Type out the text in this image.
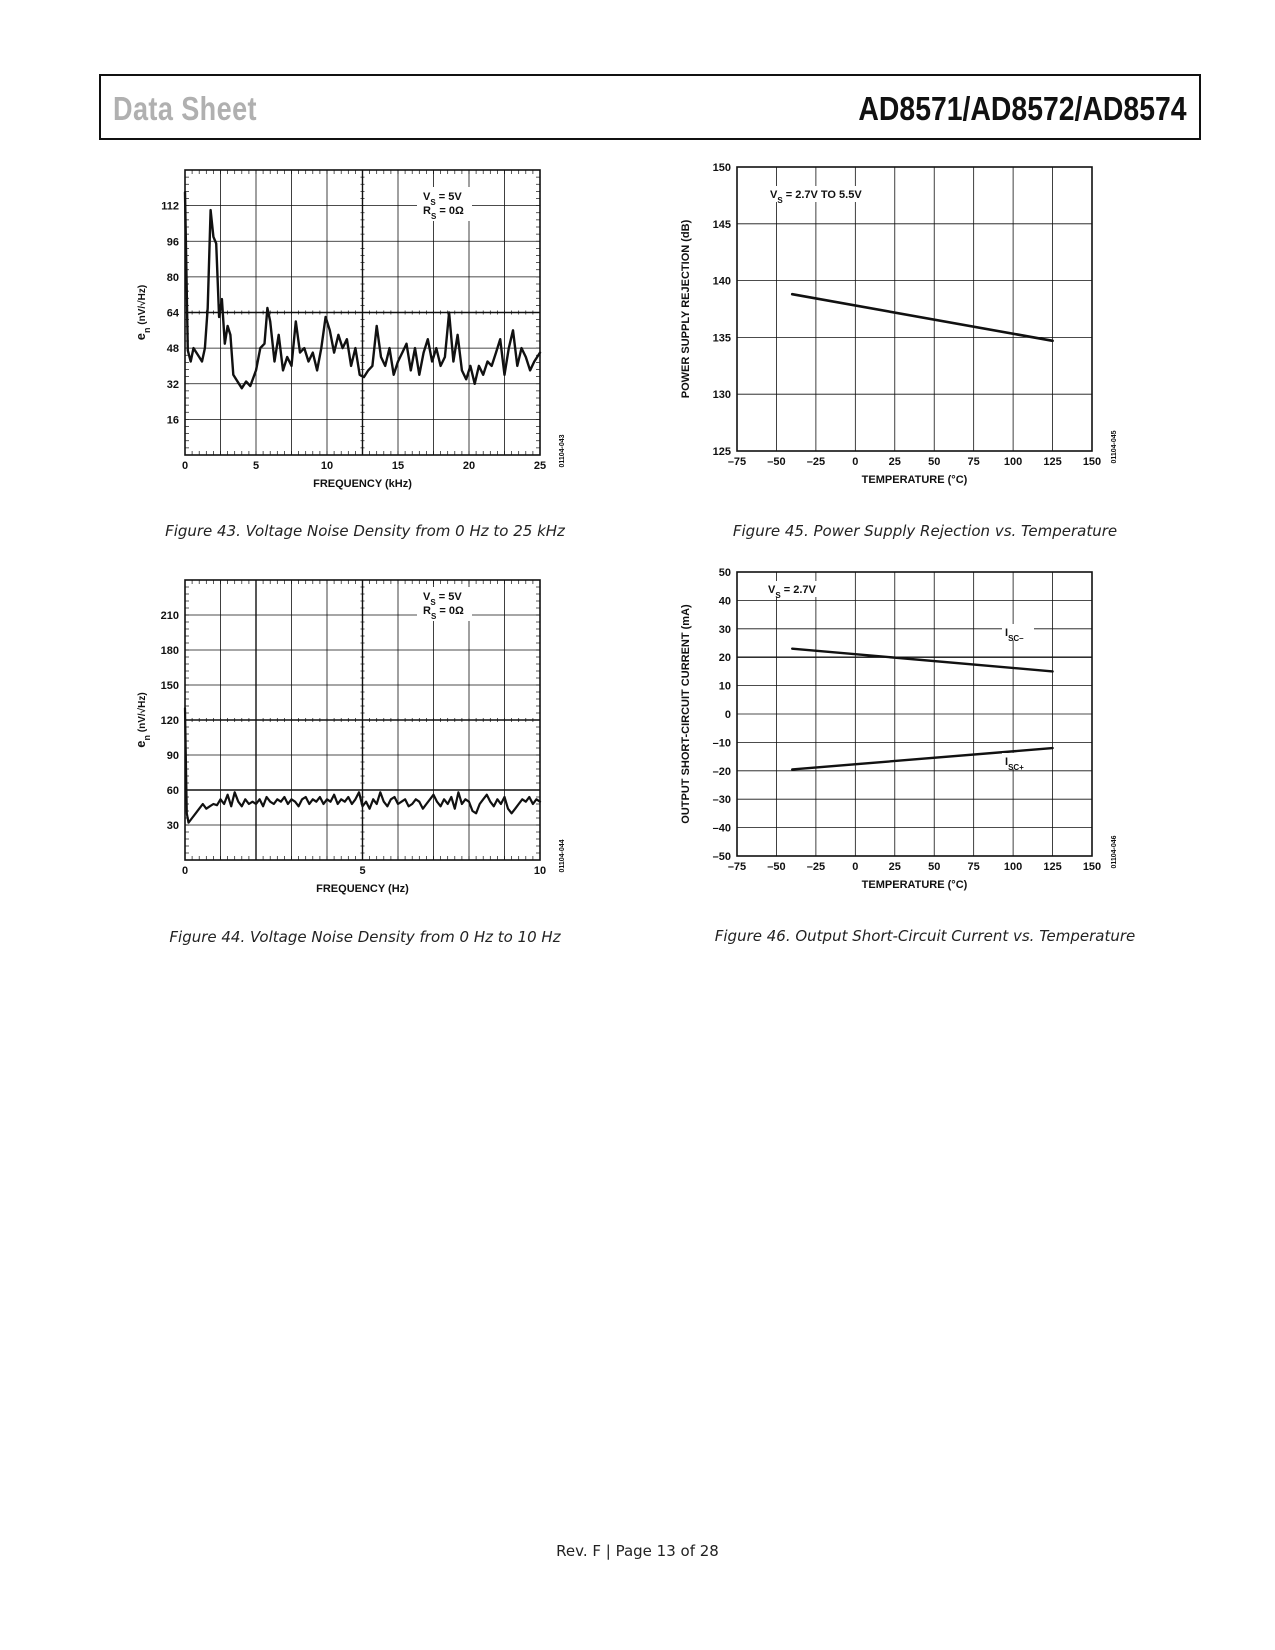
Data Sheet	AD8571/AD8572/AD8574
0	5	10	15	20	25
16
32
48
64
80
96
112
FREQUENCY (kHz)
$e_n$ (nV/√Hz)
01104-043
$V_S = 5V$
$R_S = 0\Omega$
Figure 43. Voltage Noise Density from 0 Hz to 25 kHz
0	5	10
30
60
90
120
150
180
210
FREQUENCY (Hz)
$e_n$ (nV/√Hz)
01104-044
$V_S = 5V$
$R_S = 0\Omega$
Figure 44. Voltage Noise Density from 0 Hz to 10 Hz
–75 –50 –25 0	25 50 75 100 125 150
125
130
135
140
145
150
TEMPERATURE (°C)
POWER SUPPLY REJECTION (dB)
01104-045
$V_S = 2.7V$ TO 5.5V
Figure 45. Power Supply Rejection vs. Temperature
–75 –50 –25 0	25 50 75 100 125 150
–50
–40
–30
–20
–10
0
10
20
30
40
50
TEMPERATURE (°C)
OUTPUT SHORT-CIRCUIT CURRENT (mA)
01104-046
$V_S = 2.7V$
$I_{SC-}$
$I_{SC+}$
Figure 46. Output Short-Circuit Current vs. Temperature
Rev. F | Page 13 of 28
